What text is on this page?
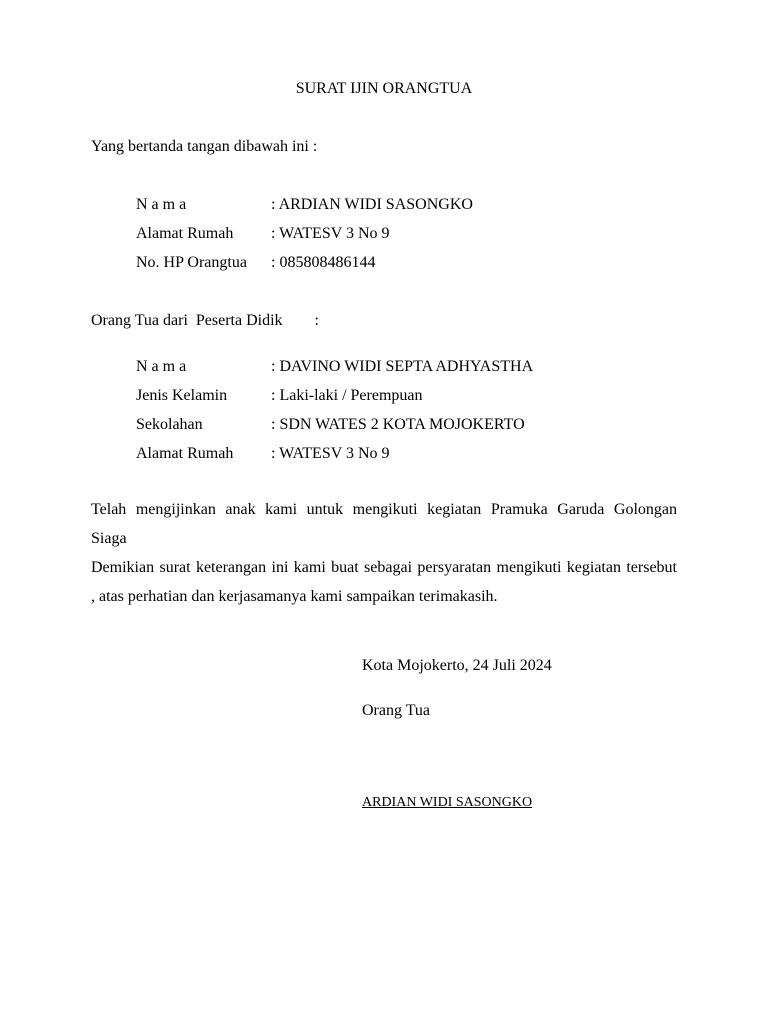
SURAT IJIN ORANGTUA
Yang bertanda tangan dibawah ini :
N a m a	: ARDIAN WIDI SASONGKO
Alamat Rumah : WATESV 3 No 9
No. HP Orangtua : 085808486144
Orang Tua dari  Peserta Didik        :
N a m a	: DAVINO WIDI SEPTA ADHYASTHA
Jenis Kelamin	: Laki-laki / Perempuan
Sekolahan	: SDN WATES 2 KOTA MOJOKERTO
Alamat Rumah : WATESV 3 No 9
Telah mengijinkan anak kami untuk mengikuti kegiatan Pramuka Garuda Golongan
Siaga
Demikian surat keterangan ini kami buat sebagai persyaratan mengikuti kegiatan tersebut
, atas perhatian dan kerjasamanya kami sampaikan terimakasih.
Kota Mojokerto, 24 Juli 2024
Orang Tua
ARDIAN WIDI SASONGKO
